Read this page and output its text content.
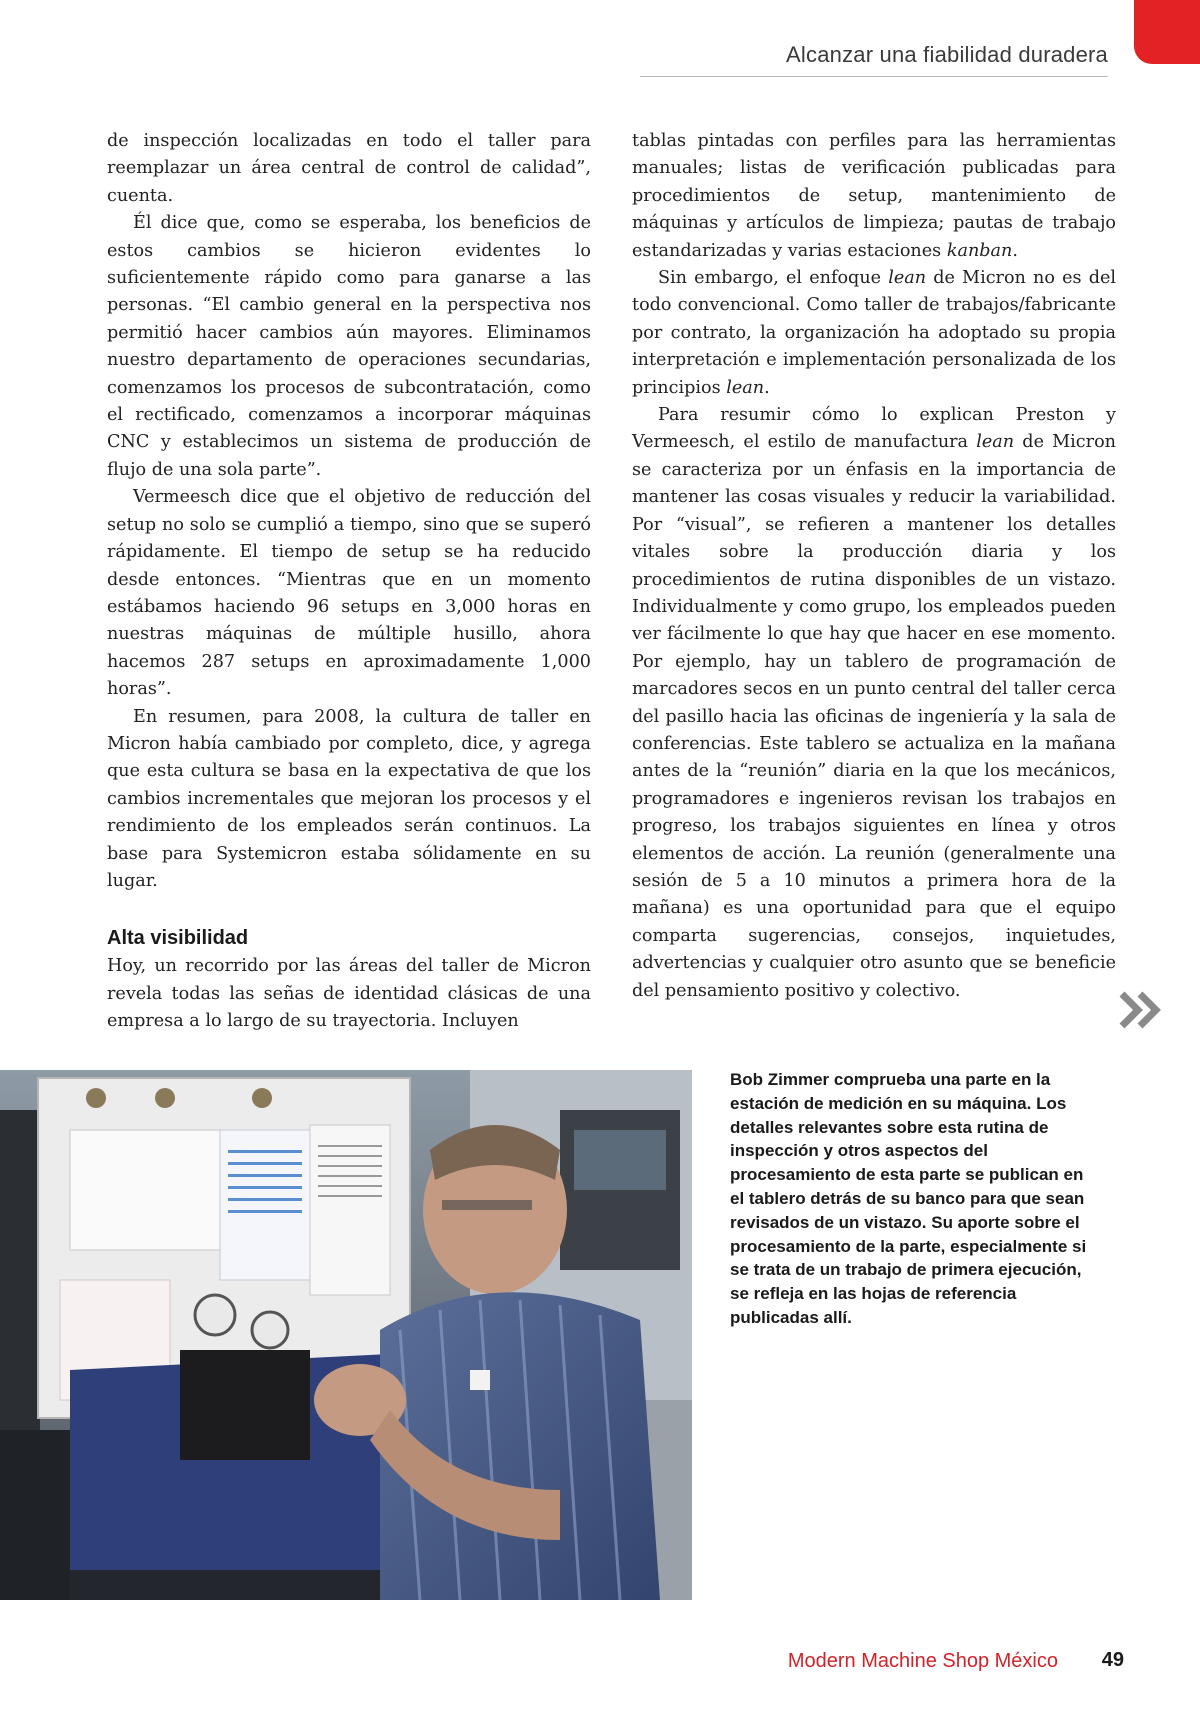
Alcanzar una fiabilidad duradera

de inspección localizadas en todo el taller para reemplazar un área central de control de calidad”, cuenta.

Él dice que, como se esperaba, los beneficios de estos cambios se hicieron evidentes lo suficientemente rápido como para ganarse a las personas. “El cambio general en la perspectiva nos permitió hacer cambios aún mayores. Eliminamos nuestro departamento de operaciones secundarias, comenzamos los procesos de subcontratación, como el rectificado, comenzamos a incorporar máquinas CNC y establecimos un sistema de producción de flujo de una sola parte”.

Vermeesch dice que el objetivo de reducción del setup no solo se cumplió a tiempo, sino que se superó rápidamente. El tiempo de setup se ha reducido desde entonces. “Mientras que en un momento estábamos haciendo 96 setups en 3,000 horas en nuestras máquinas de múltiple husillo, ahora hacemos 287 setups en aproximadamente 1,000 horas”.

En resumen, para 2008, la cultura de taller en Micron había cambiado por completo, dice, y agrega que esta cultura se basa en la expectativa de que los cambios incrementales que mejoran los procesos y el rendimiento de los empleados serán continuos. La base para Systemicron estaba sólidamente en su lugar.

Alta visibilidad

Hoy, un recorrido por las áreas del taller de Micron revela todas las señas de identidad clásicas de una empresa a lo largo de su trayectoria. Incluyen

tablas pintadas con perfiles para las herramientas manuales; listas de verificación publicadas para procedimientos de setup, mantenimiento de máquinas y artículos de limpieza; pautas de trabajo estandarizadas y varias estaciones kanban.

Sin embargo, el enfoque lean de Micron no es del todo convencional. Como taller de trabajos/fabricante por contrato, la organización ha adoptado su propia interpretación e implementación personalizada de los principios lean.

Para resumir cómo lo explican Preston y Vermeesch, el estilo de manufactura lean de Micron se caracteriza por un énfasis en la importancia de mantener las cosas visuales y reducir la variabilidad. Por “visual”, se refieren a mantener los detalles vitales sobre la producción diaria y los procedimientos de rutina disponibles de un vistazo. Individualmente y como grupo, los empleados pueden ver fácilmente lo que hay que hacer en ese momento. Por ejemplo, hay un tablero de programación de marcadores secos en un punto central del taller cerca del pasillo hacia las oficinas de ingeniería y la sala de conferencias. Este tablero se actualiza en la mañana antes de la “reunión” diaria en la que los mecánicos, programadores e ingenieros revisan los trabajos en progreso, los trabajos siguientes en línea y otros elementos de acción. La reunión (generalmente una sesión de 5 a 10 minutos a primera hora de la mañana) es una oportunidad para que el equipo comparta sugerencias, consejos, inquietudes, advertencias y cualquier otro asunto que se beneficie del pensamiento positivo y colectivo.

Bob Zimmer comprueba una parte en la estación de medición en su máquina. Los detalles relevantes sobre esta rutina de inspección y otros aspectos del procesamiento de esta parte se publican en el tablero detrás de su banco para que sean revisados de un vistazo. Su aporte sobre el procesamiento de la parte, especialmente si se trata de un trabajo de primera ejecución, se refleja en las hojas de referencia publicadas allí.
Modern Machine Shop México 49
